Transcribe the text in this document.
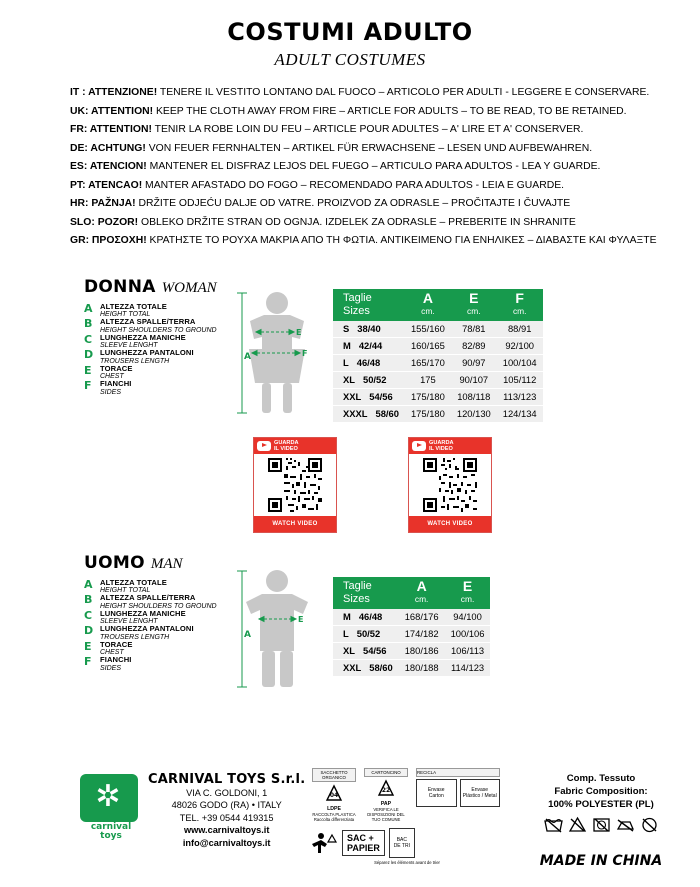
COSTUMI ADULTO
ADULT COSTUMES
IT : ATTENZIONE! TENERE IL VESTITO LONTANO DAL FUOCO – ARTICOLO PER ADULTI - LEGGERE E CONSERVARE.
UK: ATTENTION! KEEP THE CLOTH AWAY FROM FIRE – ARTICLE FOR ADULTS – TO BE READ, TO BE RETAINED.
FR: ATTENTION! TENIR LA ROBE LOIN DU FEU – ARTICLE POUR ADULTES – A' LIRE ET A' CONSERVER.
DE: ACHTUNG! VON FEUER FERNHALTEN – ARTIKEL FÜR ERWACHSENE – LESEN UND AUFBEWAHREN.
ES: ATENCION! MANTENER EL DISFRAZ LEJOS DEL FUEGO – ARTICULO PARA ADULTOS - LEA Y GUARDE.
PT: ATENCAO! MANTER AFASTADO DO FOGO – RECOMENDADO PARA ADULTOS - LEIA E GUARDE.
HR: PAŽNJA! DRŽITE ODJEĆU DALJE OD VATRE. PROIZVOD ZA ODRASLE – PROČITAJTE I ČUVAJTE
SLO: POZOR! OBLEKO DRŽITE STRAN OD OGNJA. IZDELEK ZA ODRASLE – PREBERITE IN SHRANITE
GR: ΠΡΟΣΟΧΗ! ΚΡΑΤΗΣΤΕ ΤΟ ΡΟΥΧΑ ΜΑΚΡΙΑ ΑΠΟ ΤΗ ΦΩΤΙΑ. ΑΝΤΙΚΕΙΜΕΝΟ ΓΙΑ ΕΝΗΛΙΚΕΣ – ΔΙΑΒΑΣΤΕ ΚΑΙ ΦΥΛΑΞΤΕ
DONNA WOMAN
A ALTEZZA TOTALE
HEIGHT TOTAL
B	ALTEZZA SPALLE/TERRA
HEIGHT SHOULDERS TO GROUND
C	LUNGHEZZA MANICHE
SLEEVE LENGHT
D LUNGHEZZA PANTALONI
TROUSERS LENGTH
E	TORACE
CHEST
F	FIANCHI
SIDES
A
E
F
Taglie
Sizes	A
cm.	E
cm.	F
cm.

S 38/40	155/160	78/81	88/91
M 42/44	160/165	82/89	92/100
L 46/48	165/170	90/97	100/104
XL 50/52	175	90/107	105/112
XXL 54/56	175/180	108/118	113/123
XXXL 58/60	175/180	120/130	124/134
GUARDA
IL VIDEO
WATCH VIDEO
GUARDA
IL VIDEO
WATCH VIDEO
UOMO MAN
A ALTEZZA TOTALE
HEIGHT TOTAL
B	ALTEZZA SPALLE/TERRA
HEIGHT SHOULDERS TO GROUND
C	LUNGHEZZA MANICHE
SLEEVE LENGHT
D LUNGHEZZA PANTALONI
TROUSERS LENGTH
E	TORACE
CHEST
F	FIANCHI
SIDES
A
E
Taglie
Sizes	A
cm.	E
cm.

M 46/48	168/176	94/100
L 50/52	174/182	100/106
XL 54/56	180/186	106/113
XXL 58/60	180/188	114/123
✲
carnival
toys
CARNIVAL TOYS S.r.l.
VIA C. GOLDONI, 1
48026 GODO (RA) • ITALY
TEL. +39 0544 419315
www.carnivaltoys.it
info@carnivaltoys.it
SACCHETTO ORGANICO
04
LDPE
RACCOLTA PLASTICA Raccolta differenziata
CARTONCINO
22
PAP
VERIFICA LE DISPOSIZIONI DEL TUO COMUNE
RECICLA
Envase
Carton
Envase
Plástico / Metal
SAC +
PAPIER
BAC
DE TRI
Séparez les éléments avant de trier
Comp. Tessuto
Fabric Composition:
100% POLYESTER (PL)
MADE IN CHINA
